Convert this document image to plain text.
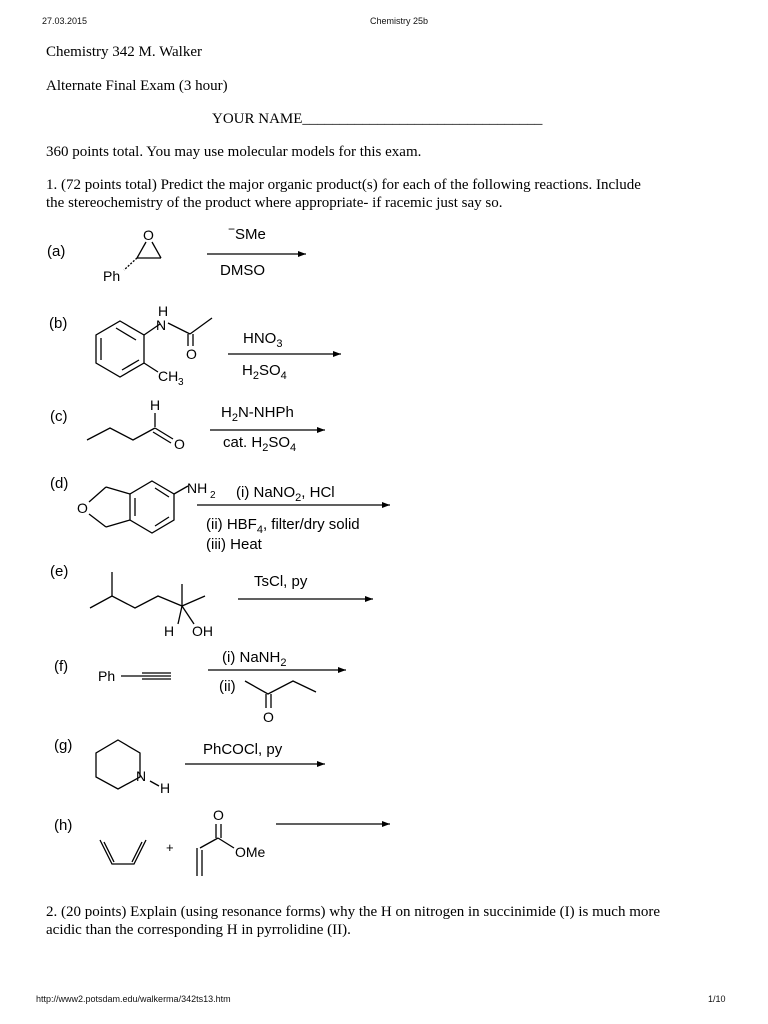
27.03.2015	Chemistry 25b
http://www2.potsdam.edu/walkerma/342ts13.htm	1/10
Chemistry 342 M. Walker
Alternate Final Exam (3 hour)
YOUR NAME________________________________
360 points total. You may use molecular models for this exam.
1. (72 points total) Predict the major organic product(s) for each of the following reactions. Include
the stereochemistry of the product where appropriate- if racemic just say so.
(a)
(b)
(c)
(d)
(e)
(f)
(g)
(h)
−SMe
DMSO
$HNO_3$
$H_2SO_4$
$H_2N$-NHPh
cat. $H_2SO_4$
(i) NaNO$_2$, HCl
(ii) $HBF_4$, filter/dry solid
(iii) Heat
TsCl, py
(i) NaNH$_2$
(ii)
PhCOCl, py
+
2. (20 points) Explain (using resonance forms) why the H on nitrogen in succinimide (I) is much more
acidic than the corresponding H in pyrrolidine (II).
O
Ph
H
N
O
CH 3
H
O
O
NH 2
H OH
Ph
O
N
H
O
OMe
